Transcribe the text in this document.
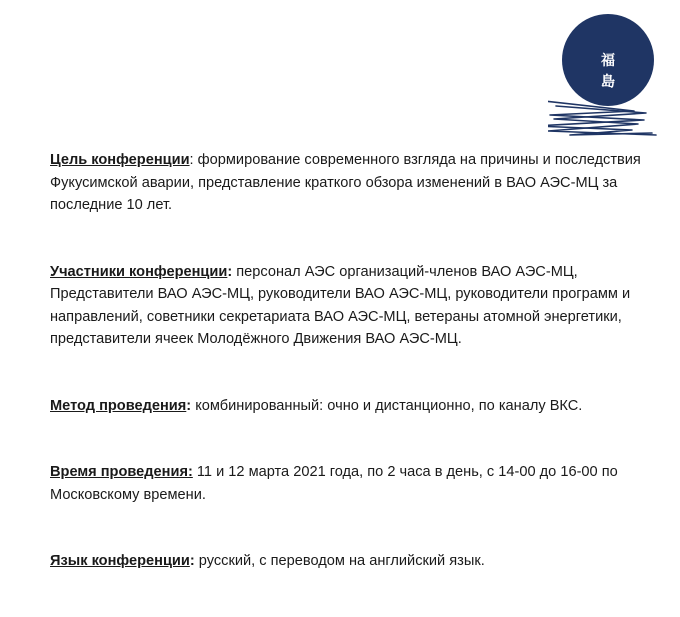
福
島

Цель конференции: формирование современного взгляда на причины и последствия Фукусимской аварии, представление краткого обзора изменений в ВАО АЭС-МЦ за последние 10 лет.

Участники конференции: персонал АЭС организаций-членов ВАО АЭС-МЦ, Представители ВАО АЭС-МЦ, руководители ВАО АЭС-МЦ, руководители программ и направлений, советники секретариата ВАО АЭС-МЦ, ветераны атомной энергетики, представители ячеек Молодёжного Движения ВАО АЭС-МЦ.

Метод проведения: комбинированный: очно и дистанционно, по каналу ВКС.

Время проведения: 11 и 12 марта 2021 года, по 2 часа в день, с 14-00 до 16-00 по Московскому времени.

Язык конференции: русский, с переводом на английский язык.
